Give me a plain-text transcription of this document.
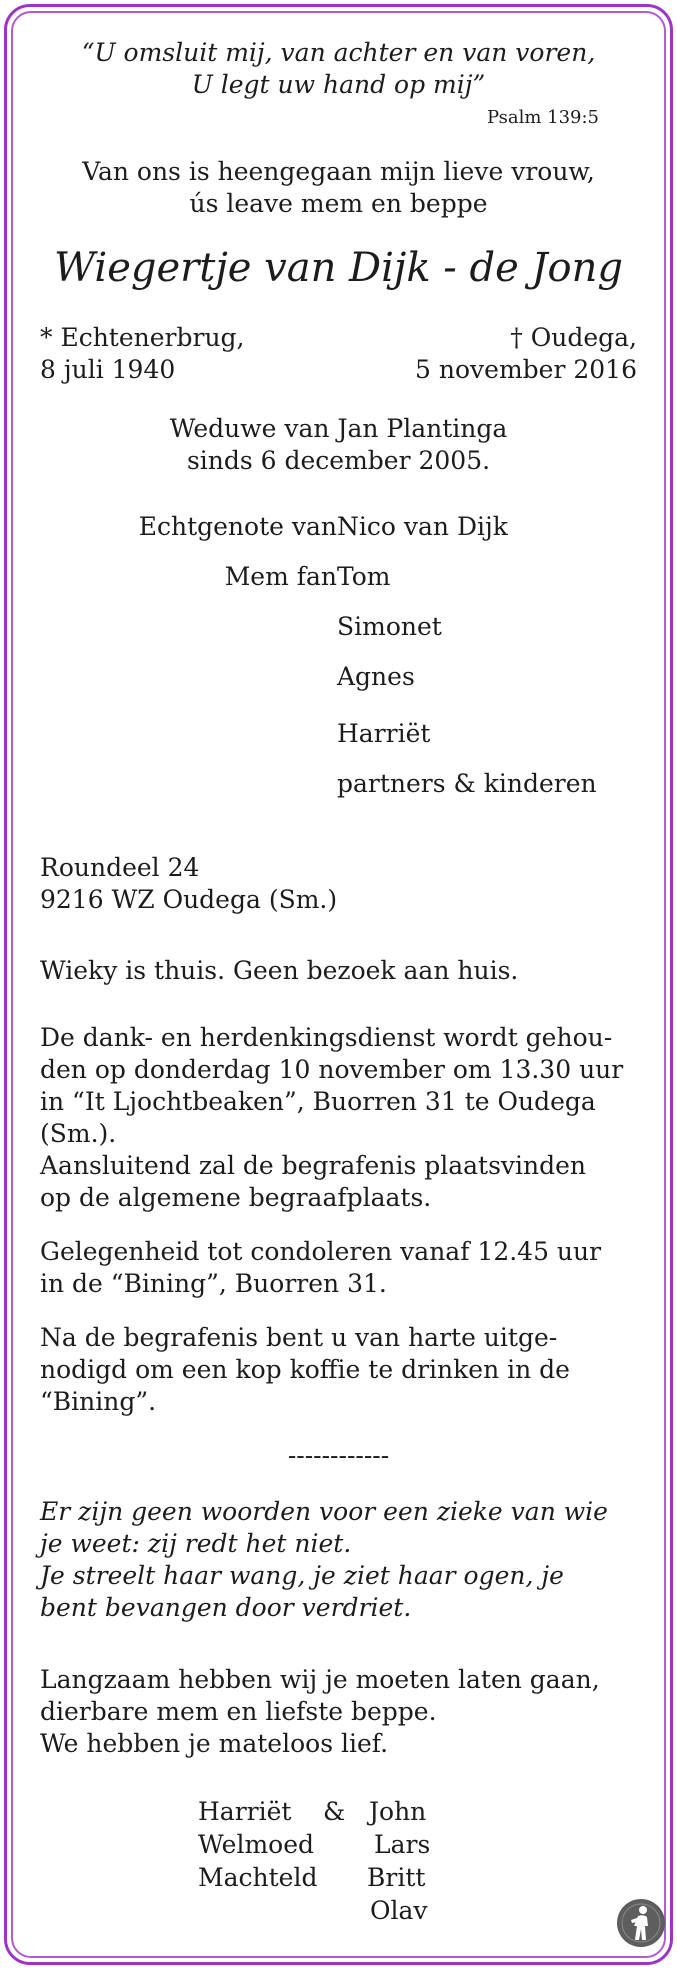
“U omsluit mij, van achter en van voren,
U legt uw hand op mij”
Psalm 139:5
Van ons is heengegaan mijn lieve vrouw,
ús leave mem en beppe
Wiegertje van Dijk - de Jong
* Echtenerbrug,	† Oudega,
8 juli 1940	5 november 2016
Weduwe van Jan Plantinga
sinds 6 december 2005.
Echtgenote van Nico van Dijk
Mem fan Tom
Simonet
Agnes
Harriët
partners & kinderen
Roundeel 24
9216 WZ Oudega (Sm.)
Wieky is thuis. Geen bezoek aan huis.
De dank- en herdenkingsdienst wordt gehou-
den op donderdag 10 november om 13.30 uur
in “It Ljochtbeaken”, Buorren 31 te Oudega
(Sm.).
Aansluitend zal de begrafenis plaatsvinden
op de algemene begraafplaats.
Gelegenheid tot condoleren vanaf 12.45 uur
in de “Bining”, Buorren 31.
Na de begrafenis bent u van harte uitge-
nodigd om een kop koffie te drinken in de
“Bining”.
------------
Er zijn geen woorden voor een zieke van wie
je weet: zij redt het niet.
Je streelt haar wang, je ziet haar ogen, je
bent bevangen door verdriet.
Langzaam hebben wij je moeten laten gaan,
dierbare mem en liefste beppe.
We hebben je mateloos lief.
Harriët
Welmoed
Machteld
& John
Lars
Britt
Olav
